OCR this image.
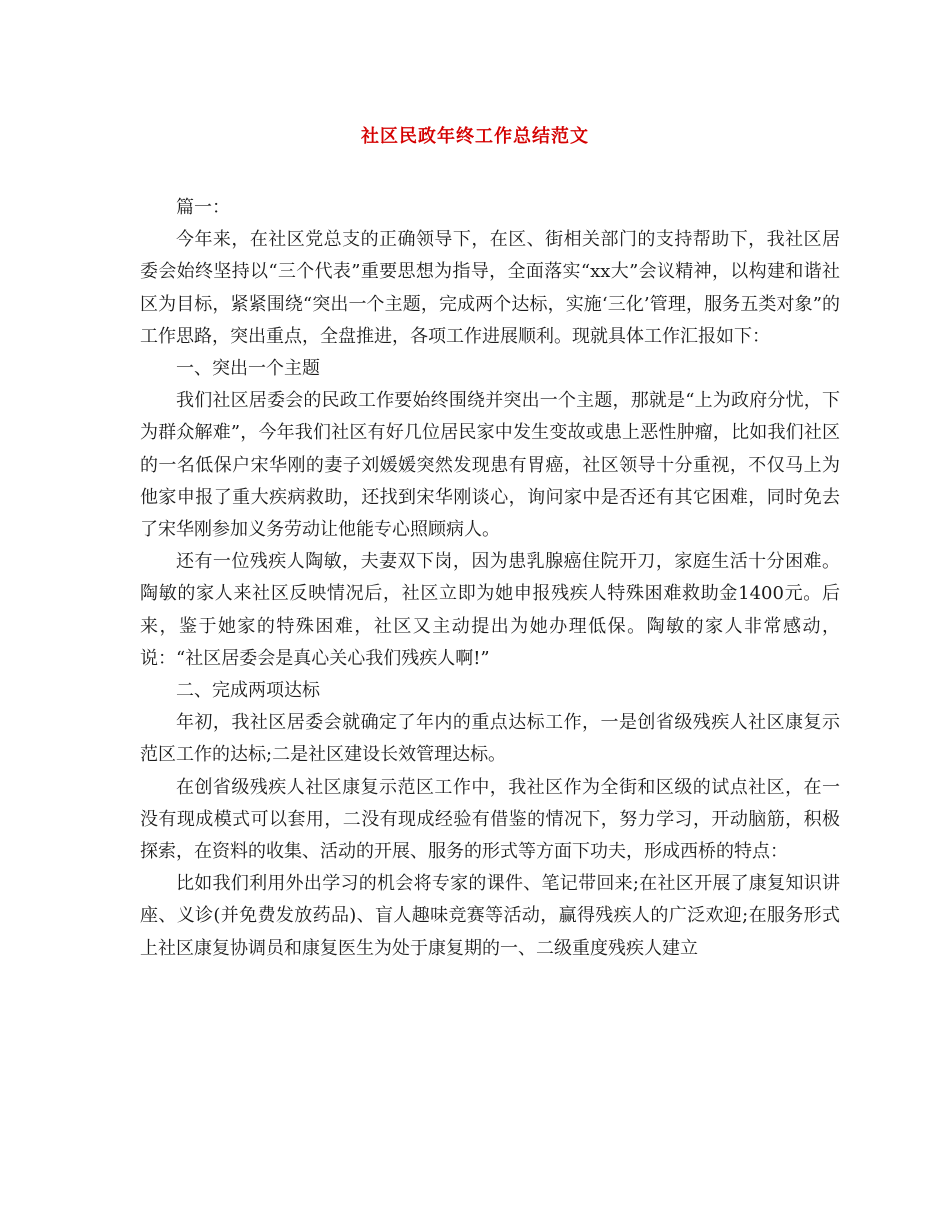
社区民政年终工作总结范文

篇一：

今年来，在社区党总支的正确领导下，在区、街相关部门的支持帮助下，我社区居委会始终坚持以“三个代表”重要思想为指导，全面落实“xx大”会议精神，以构建和谐社区为目标，紧紧围绕“突出一个主题，完成两个达标，实施‘三化’管理，服务五类对象”的工作思路，突出重点，全盘推进，各项工作进展顺利。现就具体工作汇报如下：

一、突出一个主题

我们社区居委会的民政工作要始终围绕并突出一个主题，那就是“上为政府分忧，下为群众解难”，今年我们社区有好几位居民家中发生变故或患上恶性肿瘤，比如我们社区的一名低保户宋华刚的妻子刘媛媛突然发现患有胃癌，社区领导十分重视，不仅马上为他家申报了重大疾病救助，还找到宋华刚谈心，询问家中是否还有其它困难，同时免去了宋华刚参加义务劳动让他能专心照顾病人。

还有一位残疾人陶敏，夫妻双下岗，因为患乳腺癌住院开刀，家庭生活十分困难。陶敏的家人来社区反映情况后，社区立即为她申报残疾人特殊困难救助金1400元。后来，鉴于她家的特殊困难，社区又主动提出为她办理低保。陶敏的家人非常感动，说：“社区居委会是真心关心我们残疾人啊!”

二、完成两项达标

年初，我社区居委会就确定了年内的重点达标工作，一是创省级残疾人社区康复示范区工作的达标;二是社区建设长效管理达标。

在创省级残疾人社区康复示范区工作中，我社区作为全街和区级的试点社区，在一没有现成模式可以套用，二没有现成经验有借鉴的情况下，努力学习，开动脑筋，积极探索，在资料的收集、活动的开展、服务的形式等方面下功夫，形成西桥的特点：

比如我们利用外出学习的机会将专家的课件、笔记带回来;在社区开展了康复知识讲座、义诊(并免费发放药品)、盲人趣味竞赛等活动，赢得残疾人的广泛欢迎;在服务形式上社区康复协调员和康复医生为处于康复期的一、二级重度残疾人建立
